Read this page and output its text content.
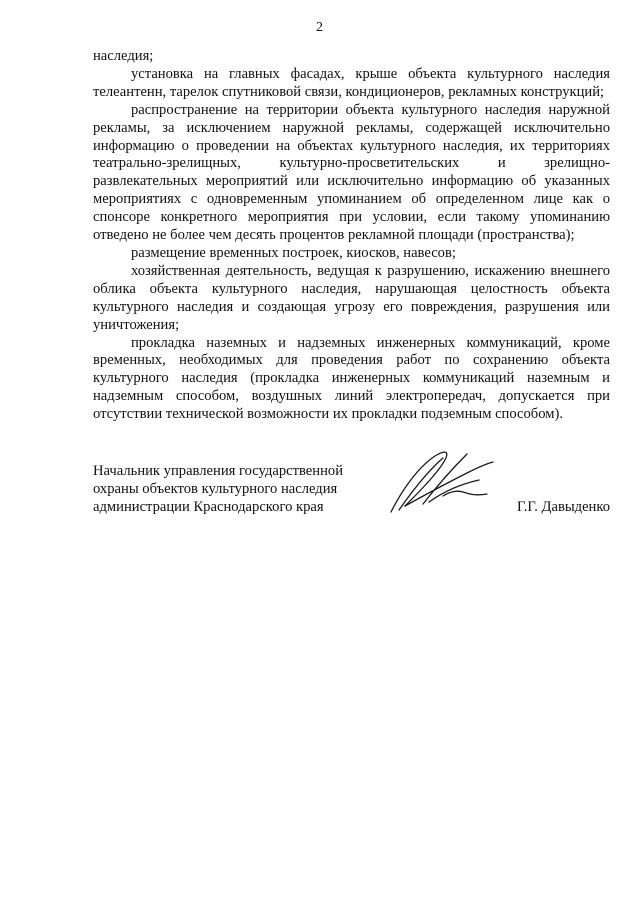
2

наследия;

установка на главных фасадах, крыше объекта культурного наследия телеантенн, тарелок спутниковой связи, кондиционеров, рекламных конструкций;

распространение на территории объекта культурного наследия наружной рекламы, за исключением наружной рекламы, содержащей исключительно информацию о проведении на объектах культурного наследия, их территориях театрально-зрелищных, культурно-просветительских и зрелищно-развлекательных мероприятий или исключительно информацию об указанных мероприятиях с одновременным упоминанием об определенном лице как о спонсоре конкретного мероприятия при условии, если такому упоминанию отведено не более чем десять процентов рекламной площади (пространства);

размещение временных построек, киосков, навесов;

хозяйственная деятельность, ведущая к разрушению, искажению внешнего облика объекта культурного наследия, нарушающая целостность объекта культурного наследия и создающая угрозу его повреждения, разрушения или уничтожения;

прокладка наземных и надземных инженерных коммуникаций, кроме временных, необходимых для проведения работ по сохранению объекта культурного наследия (прокладка инженерных коммуникаций наземным и надземным способом, воздушных линий электропередач, допускается при отсутствии технической возможности их прокладки подземным способом).

Начальник управления государственной
охраны объектов культурного наследия
администрации Краснодарского края	Г.Г. Давыденко
